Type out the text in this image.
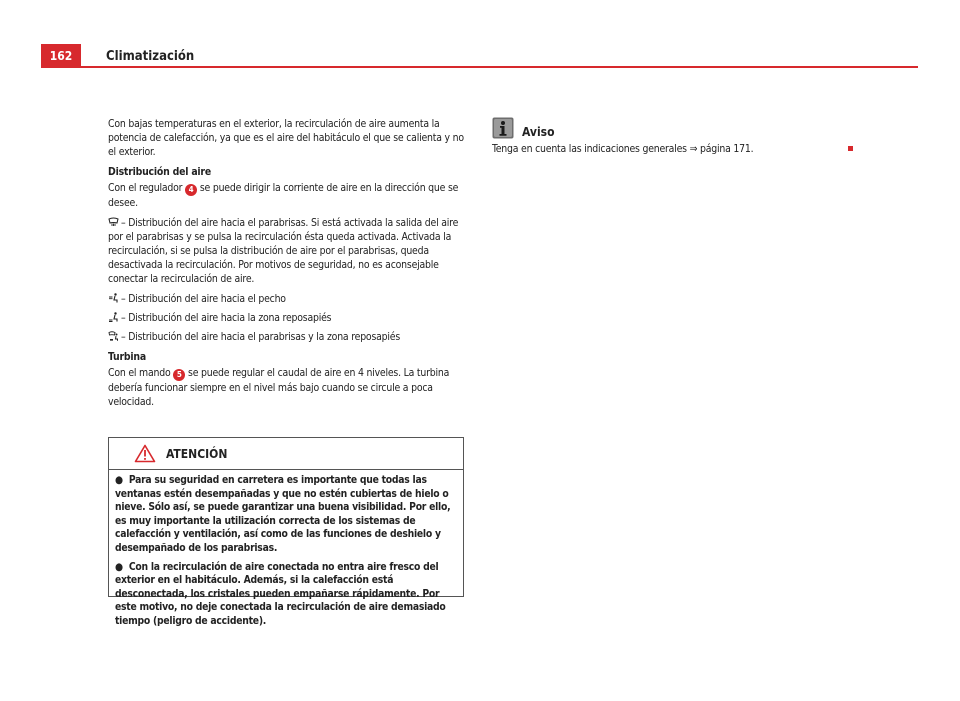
162	Climatización

Con bajas temperaturas en el exterior, la recirculación de aire aumenta la potencia de calefacción, ya que es el aire del habitáculo el que se calienta y no el exterior.

Distribución del aire

Con el regulador 4 se puede dirigir la corriente de aire en la dirección que se desee.

– Distribución del aire hacia el parabrisas. Si está activada la salida del aire por el parabrisas y se pulsa la recirculación ésta queda activada. Activada la recirculación, si se pulsa la distribución de aire por el parabrisas, queda desactivada la recirculación. Por motivos de seguridad, no es aconsejable conectar la recirculación de aire.

– Distribución del aire hacia el pecho

– Distribución del aire hacia la zona reposapiés

– Distribución del aire hacia el parabrisas y la zona reposapiés

Turbina

Con el mando 5 se puede regular el caudal de aire en 4 niveles. La turbina debería funcionar siempre en el nivel más bajo cuando se circule a poca velocidad.

ATENCIÓN

● Para su seguridad en carretera es importante que todas las ventanas estén desempañadas y que no estén cubiertas de hielo o nieve. Sólo así, se puede garantizar una buena visibilidad. Por ello, es muy importante la utilización correcta de los sistemas de calefacción y ventilación, así como de las funciones de deshielo y desempañado de los parabrisas.

● Con la recirculación de aire conectada no entra aire fresco del exterior en el habitáculo. Además, si la calefacción está desconectada, los cristales pueden empañarse rápidamente. Por este motivo, no deje conectada la recirculación de aire demasiado tiempo (peligro de accidente).

Aviso
Tenga en cuenta las indicaciones generales ⇒ página 171.
